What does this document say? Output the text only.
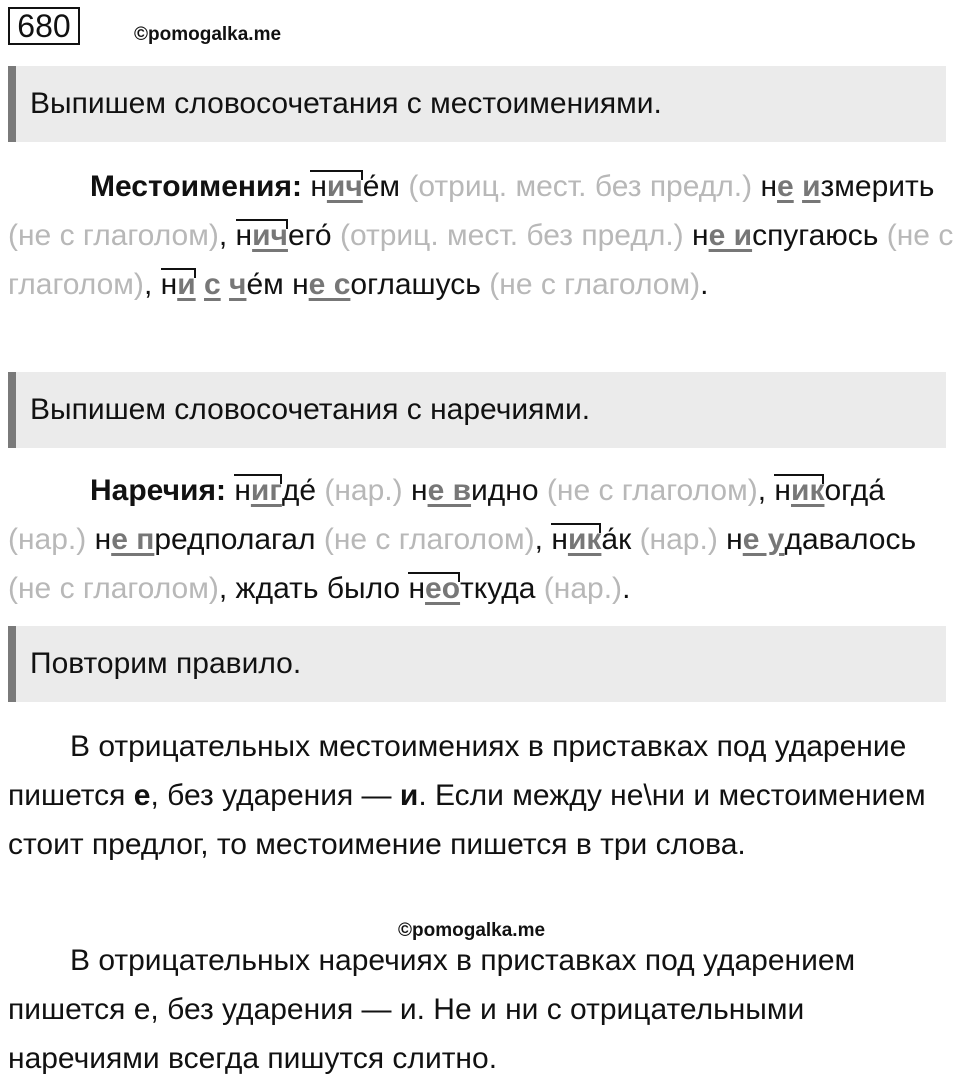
680	©pomogalka.me
Выпишем словосочетания с местоимениями.
Местоимения: ниче́м (отриц. мест. без предл.) не измерить (не с глаголом), ничего́ (отриц. мест. без предл.) не испугаюсь (не с глаголом), ни с че́м не соглашусь (не с глаголом).
Выпишем словосочетания с наречиями.
Наречия: нигде́ (нар.) не видно (не с глаголом), никогда́ (нар.) не предполагал (не с глаголом), ника́к (нар.) не удавалось (не с глаголом), ждать было неоткуда (нар.).
Повторим правило.
В отрицательных местоимениях в приставках под ударение пишется е, без ударения — и. Если между не\ни и местоимением стоит предлог, то местоимение пишется в три слова.
©pomogalka.me
В отрицательных наречиях в приставках под ударением пишется е, без ударения — и. Не и ни с отрицательными наречиями всегда пишутся слитно.
